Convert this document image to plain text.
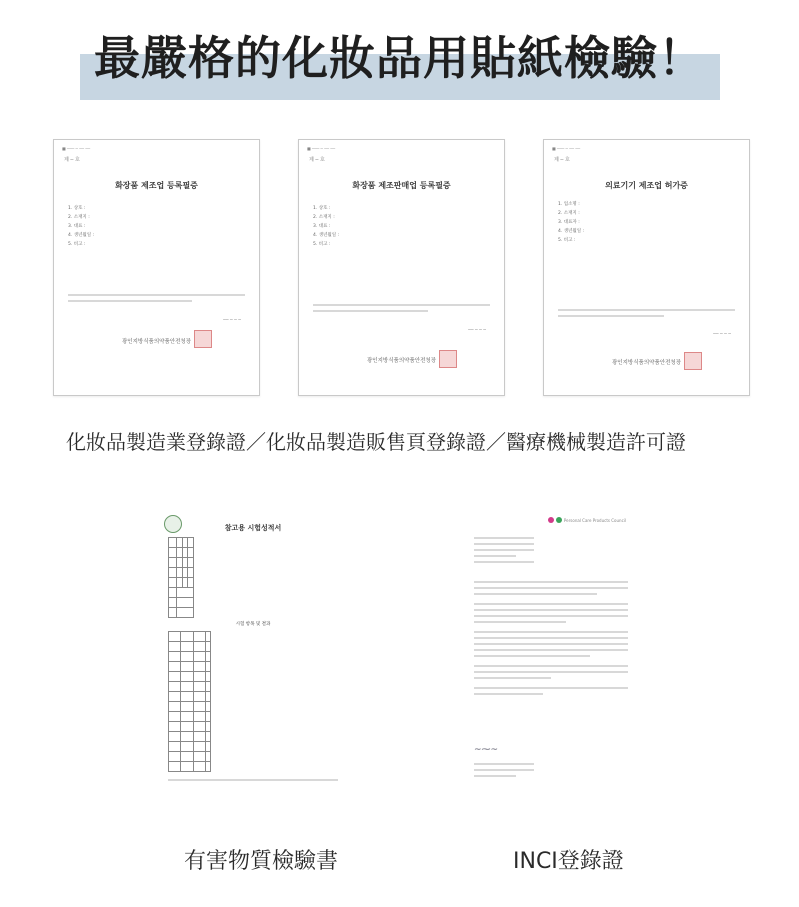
最嚴格的化妝品用貼紙檢驗！
■ ─── ─ ── ──
제 ─ 호
화장품 제조업 등록필증
1. 상호 :
2. 소재지 :
3. 대표 :
4. 생년월일 :
5. 비고 :
── ─ ─ ─
광인지방식품의약품안전청장
■ ─── ─ ── ──
제 ─ 호
화장품 제조판매업 등록필증
1. 상호 :
2. 소재지 :
3. 대표 :
4. 생년월일 :
5. 비고 :
── ─ ─ ─
광인지방식품의약품안전청장
■ ─── ─ ── ──
제 ─ 호
의료기기 제조업 허가증
1. 업소명 :
2. 소재지 :
3. 대표자 :
4. 생년월일 :
5. 비고 :
── ─ ─ ─
광인지방식품의약품안전청장
化妝品製造業登錄證／化妝品製造販售頁登錄證／醫療機械製造許可證
참고용 시험성적서

시험 항목 및 결과

Personal Care Products Council
~⁓~
有害物質檢驗書	INCI登錄證
